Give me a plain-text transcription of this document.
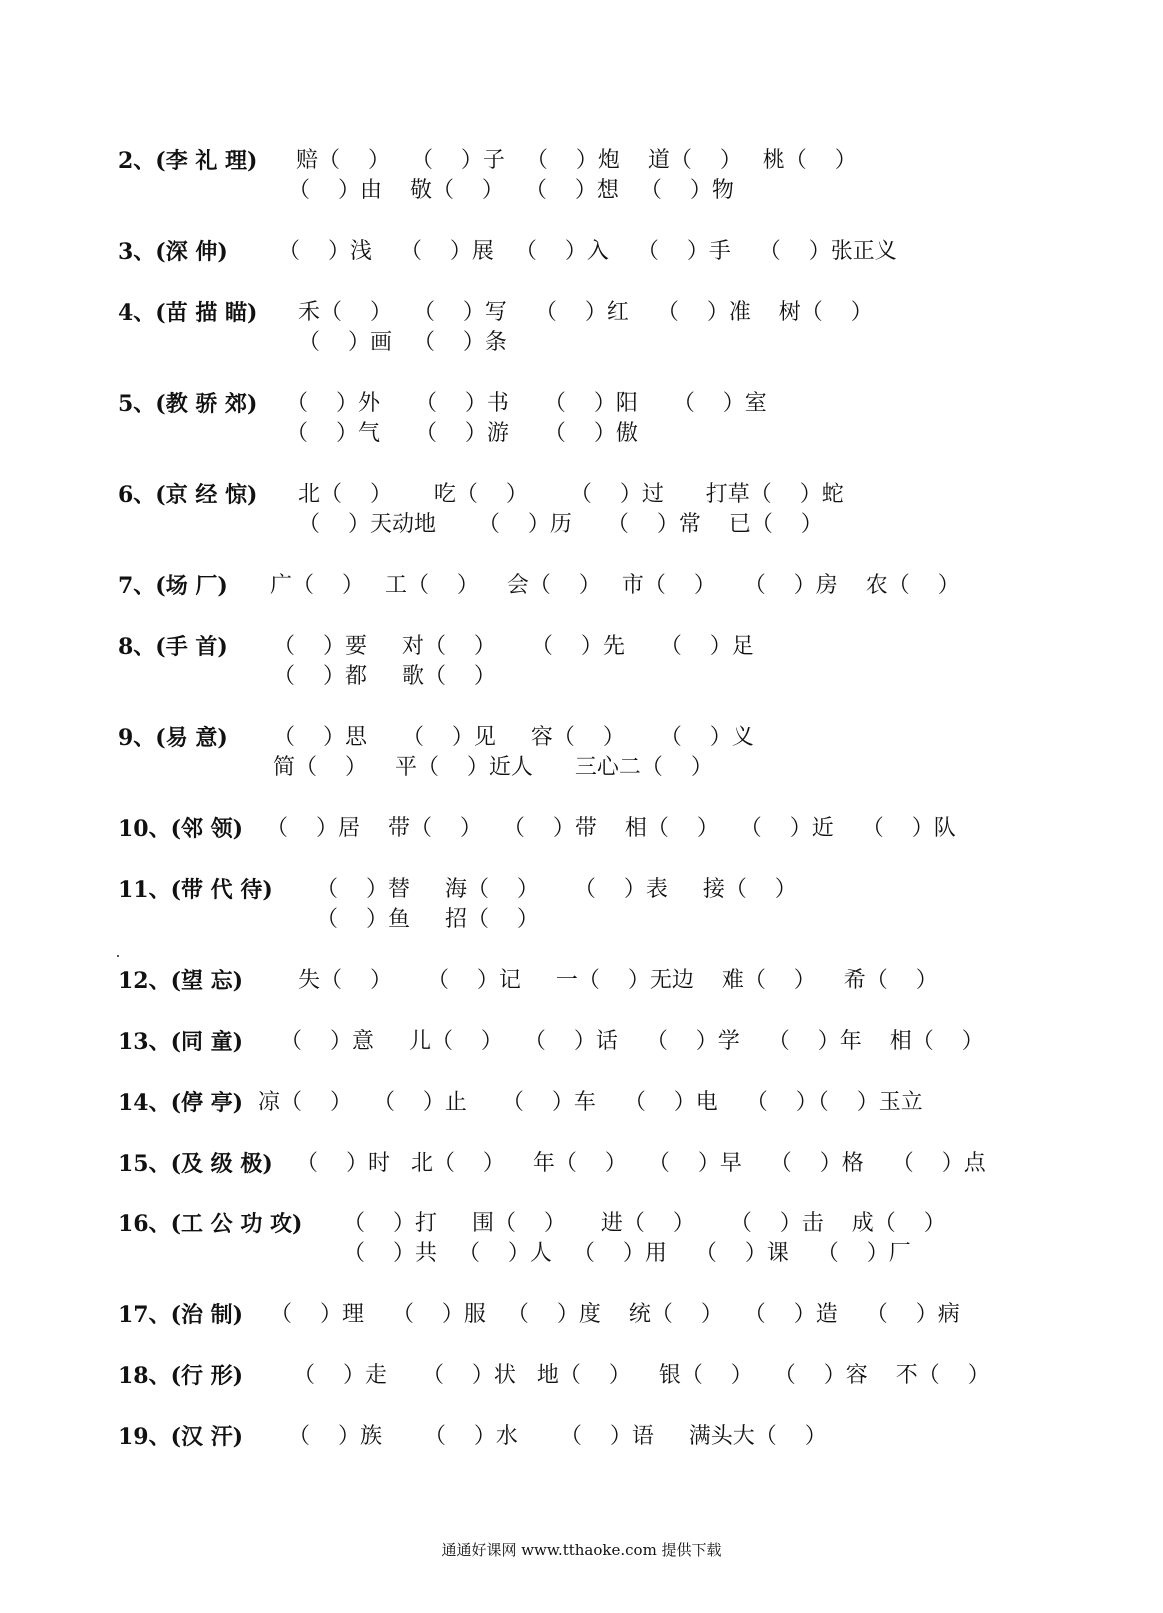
2、(李 礼 理) 赔（    ）   （    ）子   （    ）炮    道（    ）   桃（    ）
（    ）由    敬（    ）   （    ）想   （    ）物
3、(深 伸) （    ）浅    （    ）展   （    ）入    （    ）手    （    ）张正义
4、(苗 描 瞄) 禾（    ）   （    ）写    （    ）红    （    ）准    树（    ）
（    ）画   （    ）条
5、(教 骄 郊) （    ）外     （    ）书     （    ）阳     （    ）室
（    ）气     （    ）游     （    ）傲
6、(京 经 惊) 北（    ）      吃（    ）      （    ）过      打草（    ）蛇
（    ）天动地      （    ）历     （    ）常    已（    ）
7、(场 厂) 广（    ）   工（    ）    会（    ）   市（    ）    （    ）房    农（    ）
8、(手 首) （    ）要     对（    ）     （    ）先     （    ）足
（    ）都     歌（    ）
9、(易 意) （    ）思     （    ）见     容（    ）     （    ）义
简（    ）    平（    ）近人      三心二（    ）
10、(邻 领) （    ）居    带（    ）   （    ）带    相（    ）   （    ）近    （    ）队
11、(带 代 待) （    ）替     海（    ）     （    ）表     接（    ）
（    ）鱼     招（    ）
12、(望 忘) 失（    ）     （    ）记     一（    ）无边    难（    ）    希（    ）
13、(同 童) （    ）意     儿（    ）   （    ）话    （    ）学    （    ）年    相（    ）
14、(停 亭) 凉（    ）   （    ）止     （    ）车    （    ）电    （    ）（    ）玉立
15、(及 级 极) （    ）时   北（    ）    年（    ）   （    ）早    （    ）格    （    ）点
16、(工 公 功 攻) （    ）打     围（    ）     进（    ）     （    ）击    成（    ）
（    ）共   （    ）人   （    ）用    （    ）课    （    ）厂
17、(治 制) （    ）理    （    ）服   （    ）度    统（    ）   （    ）造    （    ）病
18、(行 形) （    ）走     （    ）状   地（    ）    银（    ）   （    ）容    不（    ）
19、(汉 汗) （    ）族      （    ）水      （    ）语     满头大（    ）
通通好课网 www.tthaoke.com 提供下载
